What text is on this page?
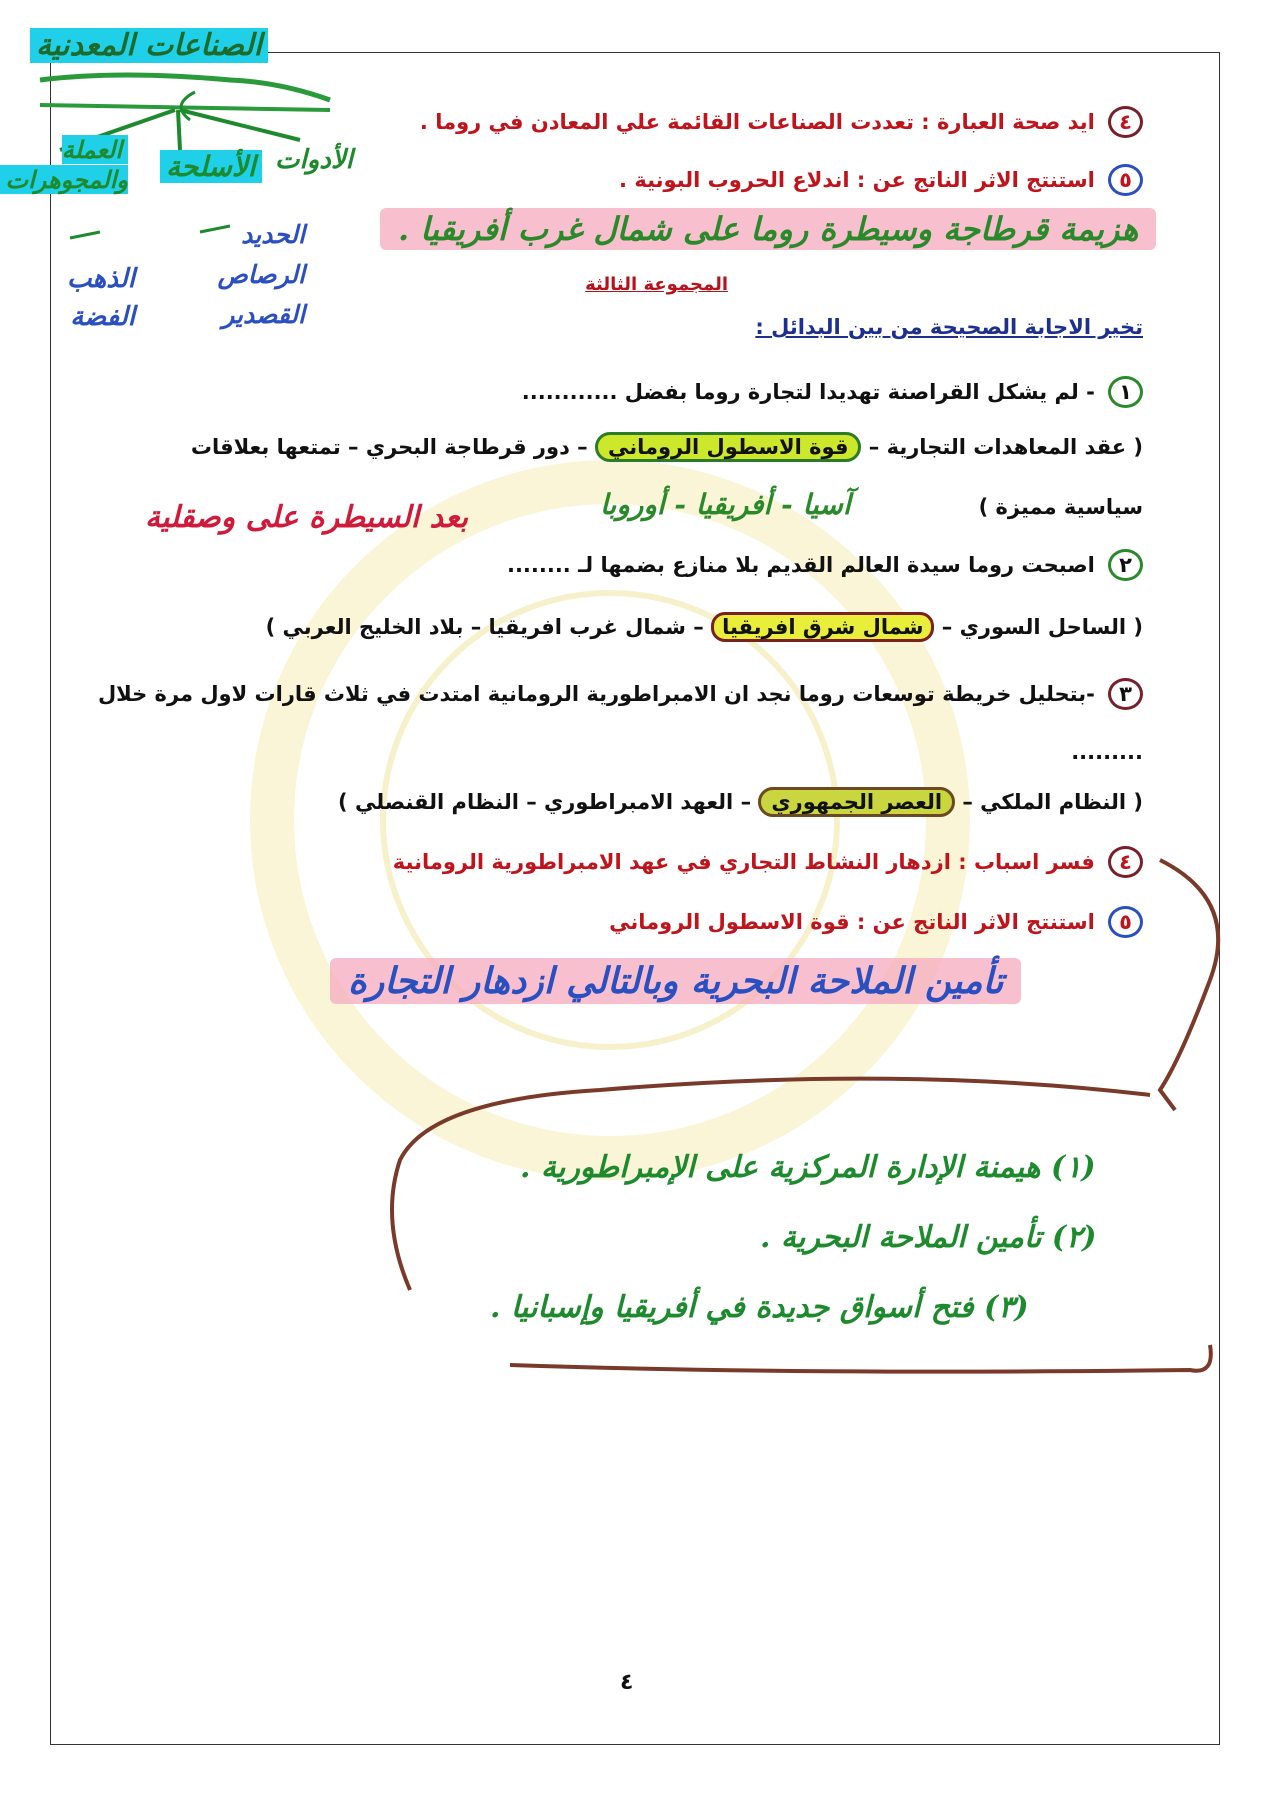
الصناعات المعدنية
العملة والمجوهرات الأسلحة الأدوات
الذهب الفضة
الحديد الرصاص القصدير
٤ ايد صحة العبارة : تعددت الصناعات القائمة علي المعادن في روما .
٥ استنتج الاثر الناتج عن : اندلاع الحروب البونية .
هزيمة قرطاجة وسيطرة روما على شمال غرب أفريقيا .
المجموعة الثالثة
تخير الاجابة الصحيحة من بين البدائل :
١ - لم يشكل القراصنة تهديدا لتجارة روما بفضل ............
( عقد المعاهدات التجارية – قوة الاسطول الروماني – دور قرطاجة البحري – تمتعها بعلاقات
سياسية مميزة )
آسيا - أفريقيا - أوروبا
بعد السيطرة على وصقلية
٢ اصبحت روما سيدة العالم القديم بلا منازع بضمها لـ ........
( الساحل السوري – شمال شرق افريقيا – شمال غرب افريقيا – بلاد الخليج العربي )
٣ -بتحليل خريطة توسعات روما نجد ان الامبراطورية الرومانية امتدت في ثلاث قارات لاول مرة خلال .........
( النظام الملكي – العصر الجمهوري – العهد الامبراطوري – النظام القنصلي )
٤ فسر اسباب : ازدهار النشاط التجاري في عهد الامبراطورية الرومانية
٥ استنتج الاثر الناتج عن : قوة الاسطول الروماني
تأمين الملاحة البحرية وبالتالي ازدهار التجارة
(١) هيمنة الإدارة المركزية على الإمبراطورية .
(٢) تأمين الملاحة البحرية .
(٣) فتح أسواق جديدة في أفريقيا وإسبانيا .
٤
